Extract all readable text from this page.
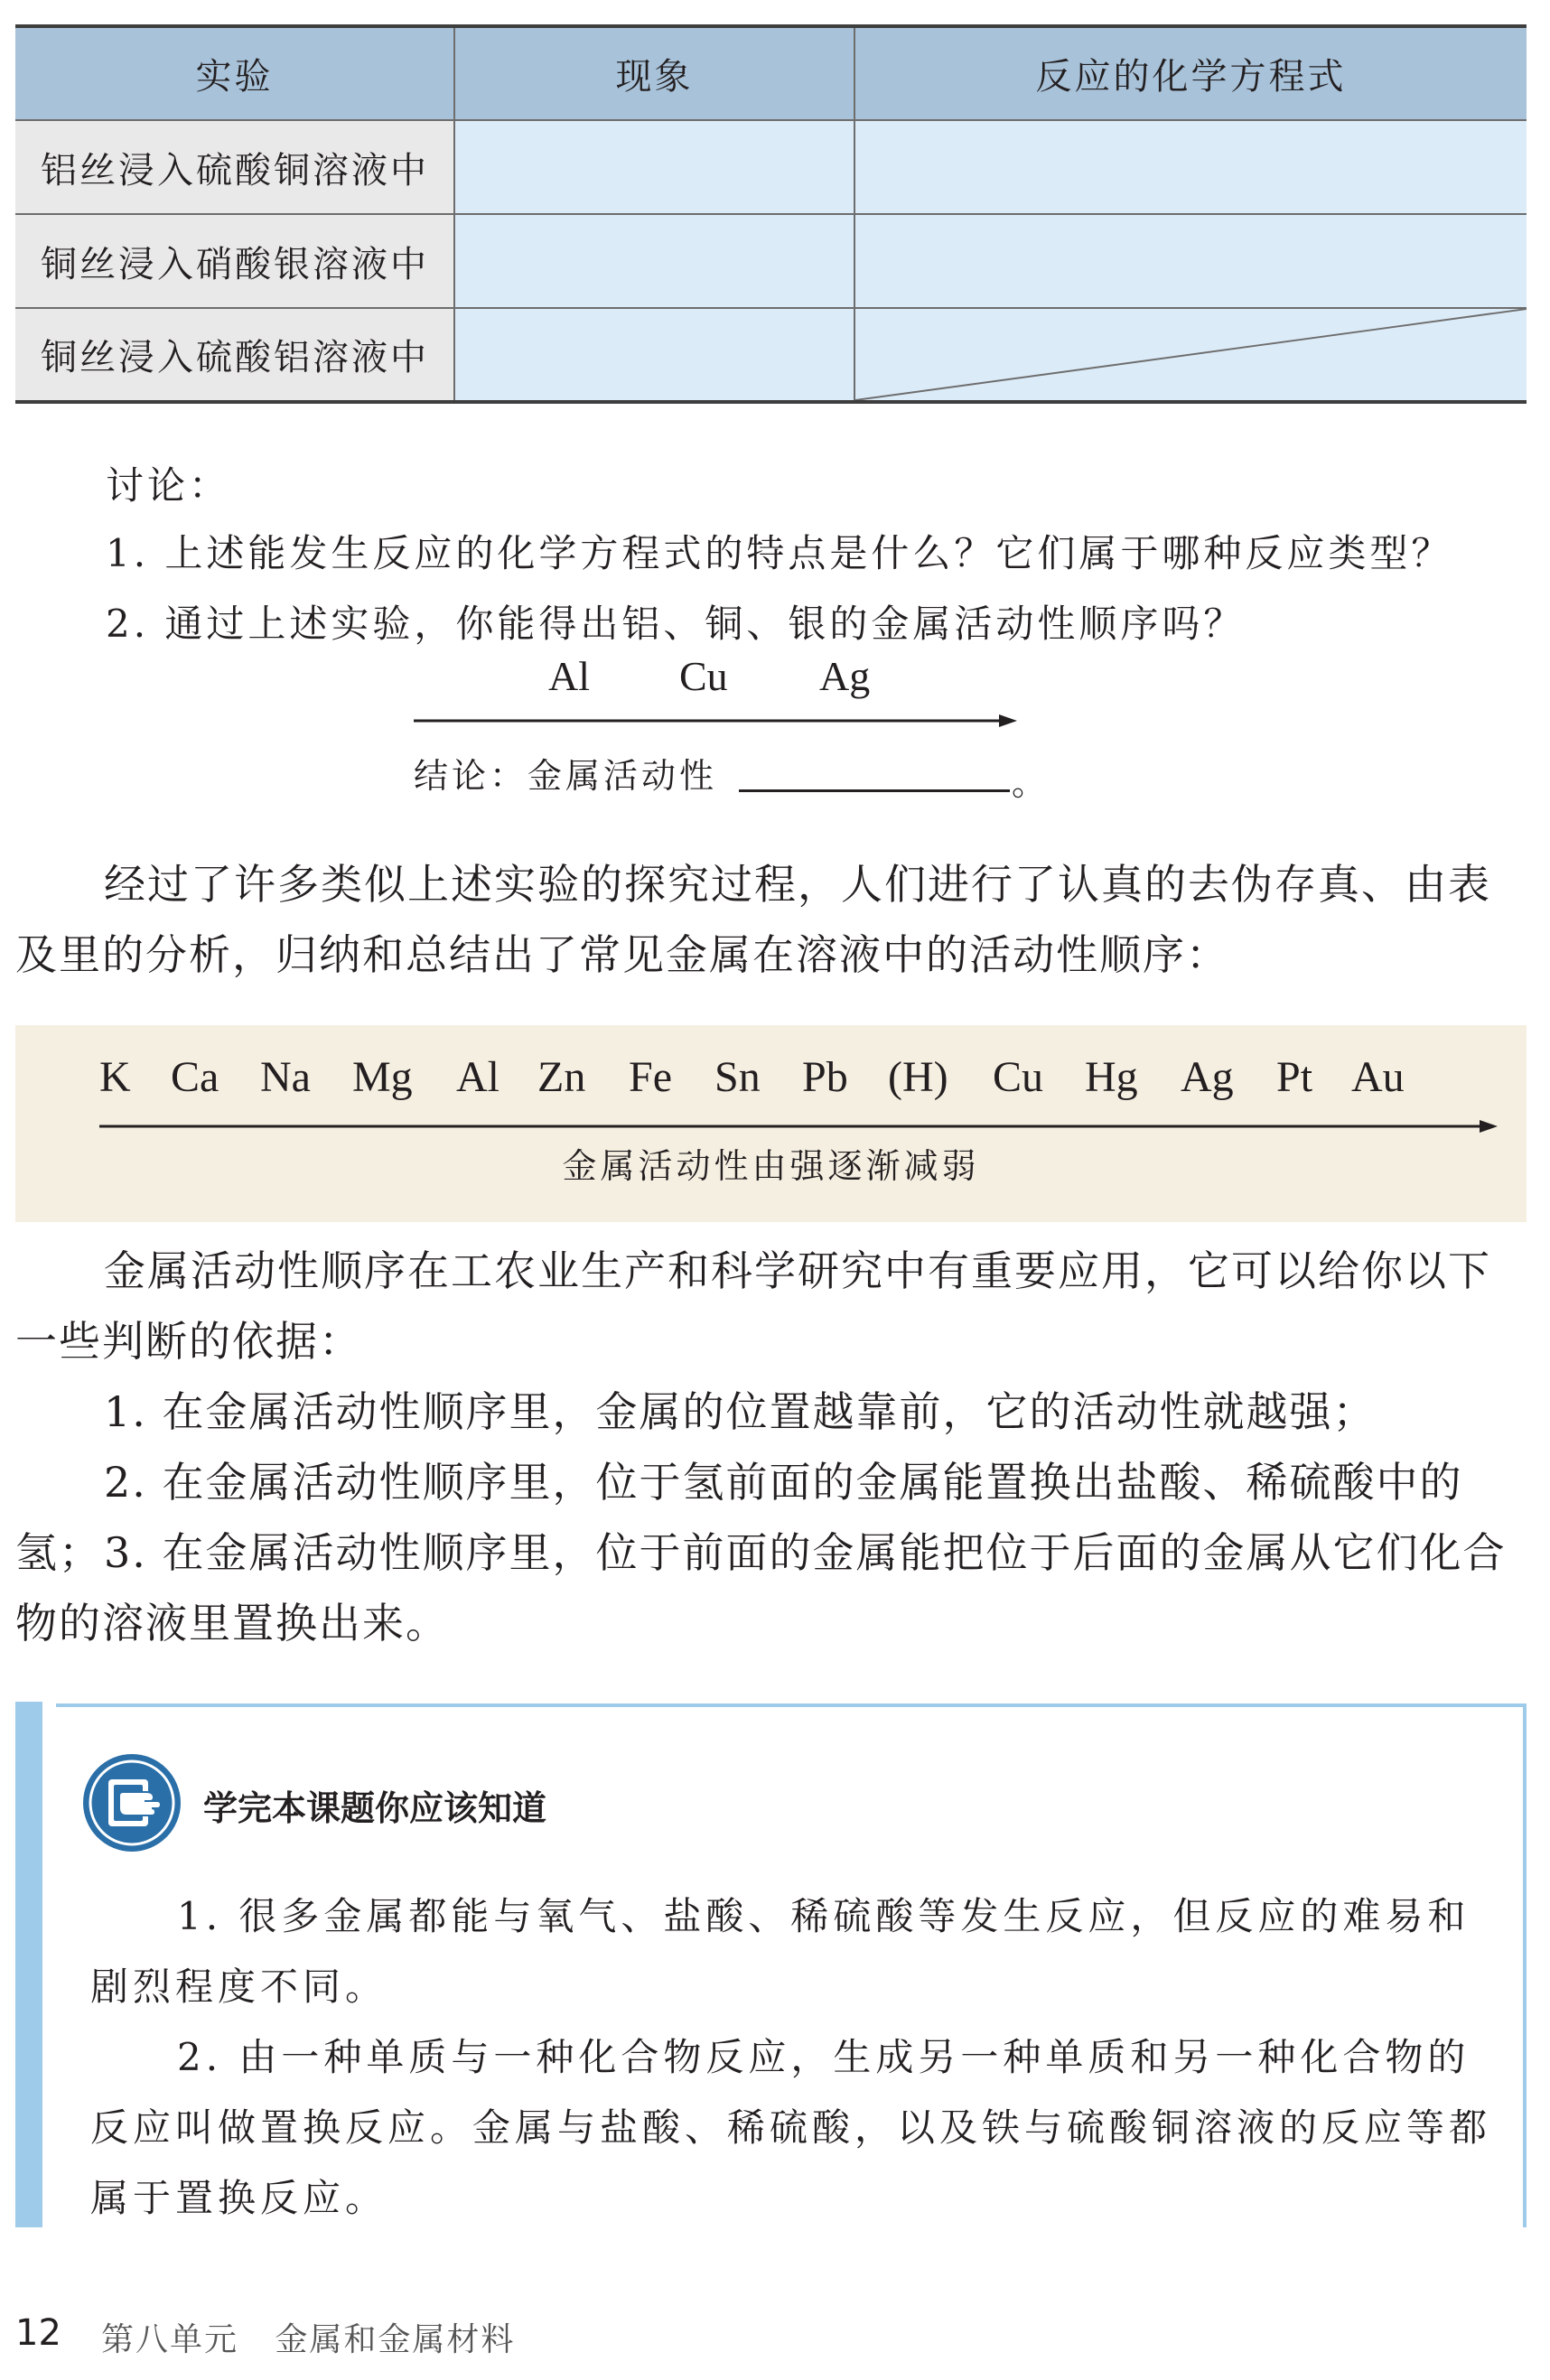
实验	现象	反应的化学方程式
铝丝浸入硫酸铜溶液中		
铜丝浸入硝酸银溶液中		
铜丝浸入硫酸铝溶液中		
讨论：
1. 上述能发生反应的化学方程式的特点是什么？它们属于哪种反应类型？
2. 通过上述实验，你能得出铝、铜、银的金属活动性顺序吗？
Al Cu Ag
结论：金属活动性	。
经过了许多类似上述实验的探究过程，人们进行了认真的去伪存真、由表及里的分析，归纳和总结出了常见金属在溶液中的活动性顺序：
K Ca Na Mg Al Zn Fe Sn Pb (H) Cu Hg Ag Pt Au
金属活动性由强逐渐减弱
金属活动性顺序在工农业生产和科学研究中有重要应用，它可以给你以下一些判断的依据：
1. 在金属活动性顺序里，金属的位置越靠前，它的活动性就越强；
2. 在金属活动性顺序里，位于氢前面的金属能置换出盐酸、稀硫酸中的氢； 3. 在金属活动性顺序里，位于前面的金属能把位于后面的金属从它们化合物的溶液里置换出来。
学完本课题你应该知道
1. 很多金属都能与氧气、盐酸、稀硫酸等发生反应，但反应的难易和剧烈程度不同。
2. 由一种单质与一种化合物反应，生成另一种单质和另一种化合物的反应叫做置换反应。金属与盐酸、稀硫酸，以及铁与硫酸铜溶液的反应等都属于置换反应。
12 第八单元   金属和金属材料
